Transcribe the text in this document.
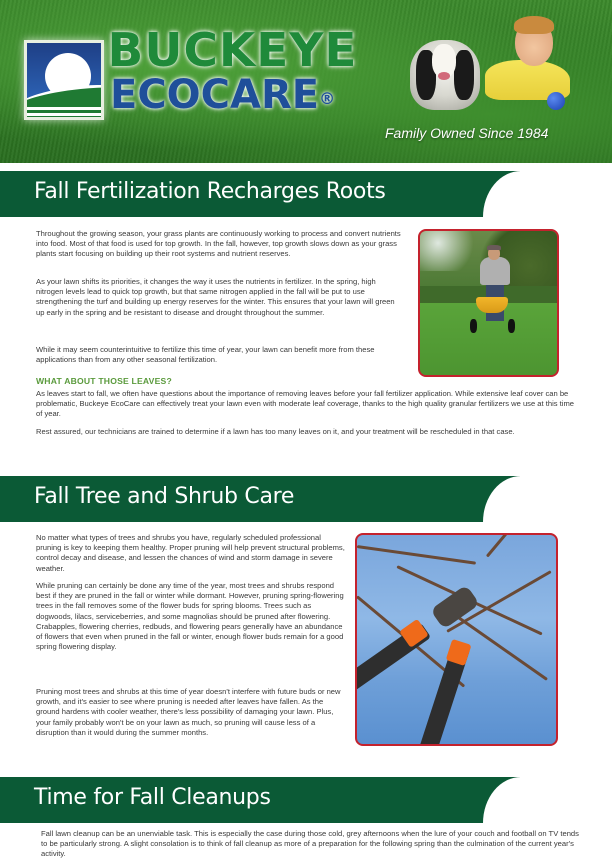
BUCKEYE
ECOCARE®
Family Owned Since 1984
Fall Fertilization Recharges Roots
Throughout the growing season, your grass plants are continuously working to process and convert nutrients into food. Most of that food is used for top growth. In the fall, however, top growth slows down as your grass plants start focusing on building up their root systems and nutrient reserves.
As your lawn shifts its priorities, it changes the way it uses the nutrients in fertilizer. In the spring, high nitrogen levels lead to quick top growth, but that same nitrogen applied in the fall will be put to use strengthening the turf and building up energy reserves for the winter. This ensures that your lawn will green up early in the spring and be resistant to disease and drought throughout the summer.
While it may seem counterintuitive to fertilize this time of year, your lawn can benefit more from these applications than from any other seasonal fertilization.
WHAT ABOUT THOSE LEAVES?
As leaves start to fall, we often have questions about the importance of removing leaves before your fall fertilizer application. While extensive leaf cover can be problematic, Buckeye EcoCare can effectively treat your lawn even with moderate leaf coverage, thanks to the high quality granular fertilizers we use at this time of year.
Rest assured, our technicians are trained to determine if a lawn has too many leaves on it, and your treatment will be rescheduled in that case.
Fall Tree and Shrub Care
No matter what types of trees and shrubs you have, regularly scheduled professional pruning is key to keeping them healthy. Proper pruning will help prevent structural problems, control decay and disease, and lessen the chances of wind and storm damage in severe weather.
While pruning can certainly be done any time of the year, most trees and shrubs respond best if they are pruned in the fall or winter while dormant. However, pruning spring-flowering trees in the fall removes some of the flower buds for spring blooms. Trees such as dogwoods, lilacs, serviceberries, and some magnolias should be pruned after flowering. Crabapples, flowering cherries, redbuds, and flowering pears generally have an abundance of flowers that even when pruned in the fall or winter, enough flower buds remain for a good spring flowering display.
Pruning most trees and shrubs at this time of year doesn't interfere with future buds or new growth, and it's easier to see where pruning is needed after leaves have fallen. As the ground hardens with cooler weather, there's less possibility of damaging your lawn. Plus, your family probably won't be on your lawn as much, so pruning will cause less of a disruption than it would during the summer months.
Time for Fall Cleanups
Fall lawn cleanup can be an unenviable task. This is especially the case during those cold, grey afternoons when the lure of your couch and football on TV tends to be particularly strong. A slight consolation is to think of fall cleanup as more of a preparation for the following spring than the culmination of the current year's activity.
